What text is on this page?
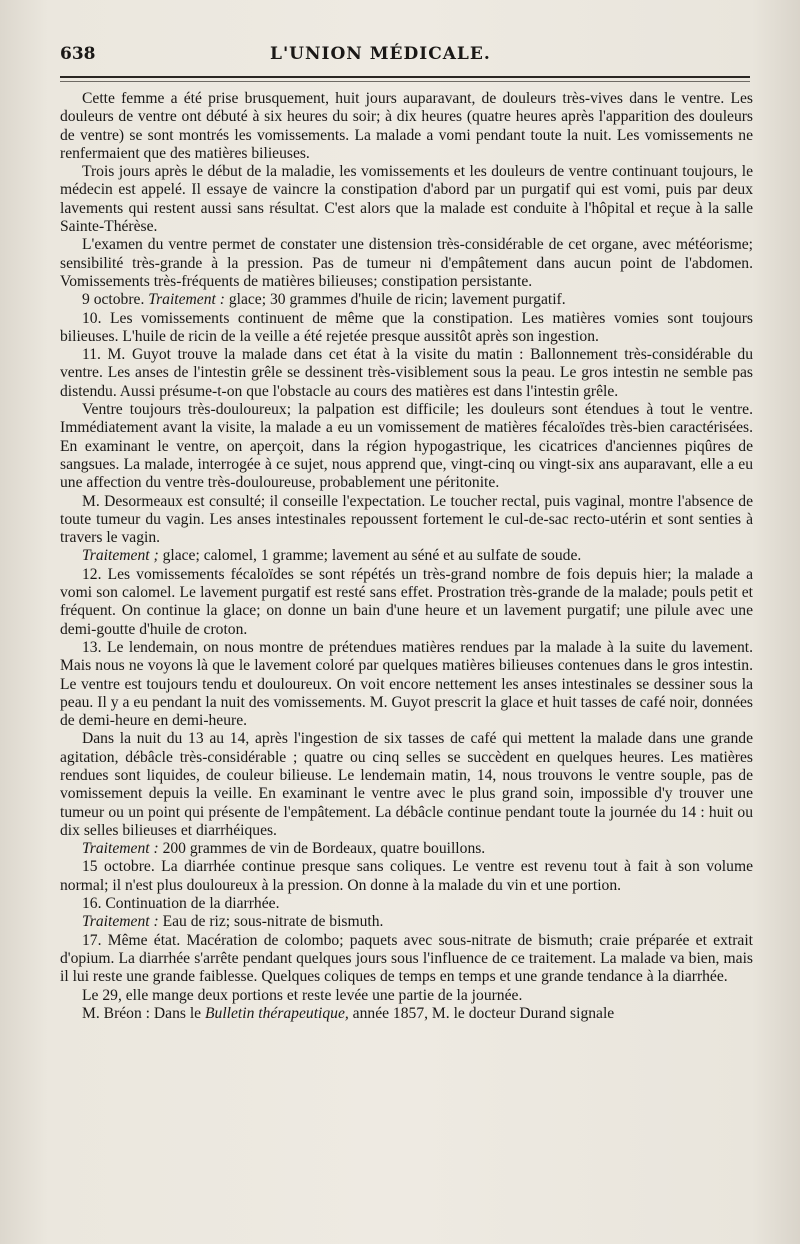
638	L'UNION MÉDICALE.

Cette femme a été prise brusquement, huit jours auparavant, de douleurs très-vives dans le ventre. Les douleurs de ventre ont débuté à six heures du soir; à dix heures (quatre heures après l'apparition des douleurs de ventre) se sont montrés les vomissements. La malade a vomi pendant toute la nuit. Les vomissements ne renfermaient que des matières bilieuses.

Trois jours après le début de la maladie, les vomissements et les douleurs de ventre continuant toujours, le médecin est appelé. Il essaye de vaincre la constipation d'abord par un purgatif qui est vomi, puis par deux lavements qui restent aussi sans résultat. C'est alors que la malade est conduite à l'hôpital et reçue à la salle Sainte-Thérèse.

L'examen du ventre permet de constater une distension très-considérable de cet organe, avec météorisme; sensibilité très-grande à la pression. Pas de tumeur ni d'empâtement dans aucun point de l'abdomen. Vomissements très-fréquents de matières bilieuses; constipation persistante.

9 octobre. Traitement : glace; 30 grammes d'huile de ricin; lavement purgatif.

10. Les vomissements continuent de même que la constipation. Les matières vomies sont toujours bilieuses. L'huile de ricin de la veille a été rejetée presque aussitôt après son ingestion.

11. M. Guyot trouve la malade dans cet état à la visite du matin : Ballonnement très-considérable du ventre. Les anses de l'intestin grêle se dessinent très-visiblement sous la peau. Le gros intestin ne semble pas distendu. Aussi présume-t-on que l'obstacle au cours des matières est dans l'intestin grêle.

Ventre toujours très-douloureux; la palpation est difficile; les douleurs sont étendues à tout le ventre. Immédiatement avant la visite, la malade a eu un vomissement de matières fécaloïdes très-bien caractérisées. En examinant le ventre, on aperçoit, dans la région hypogastrique, les cicatrices d'anciennes piqûres de sangsues. La malade, interrogée à ce sujet, nous apprend que, vingt-cinq ou vingt-six ans auparavant, elle a eu une affection du ventre très-douloureuse, probablement une péritonite.

M. Desormeaux est consulté; il conseille l'expectation. Le toucher rectal, puis vaginal, montre l'absence de toute tumeur du vagin. Les anses intestinales repoussent fortement le cul-de-sac recto-utérin et sont senties à travers le vagin.

Traitement ; glace; calomel, 1 gramme; lavement au séné et au sulfate de soude.

12. Les vomissements fécaloïdes se sont répétés un très-grand nombre de fois depuis hier; la malade a vomi son calomel. Le lavement purgatif est resté sans effet. Prostration très-grande de la malade; pouls petit et fréquent. On continue la glace; on donne un bain d'une heure et un lavement purgatif; une pilule avec une demi-goutte d'huile de croton.

13. Le lendemain, on nous montre de prétendues matières rendues par la malade à la suite du lavement. Mais nous ne voyons là que le lavement coloré par quelques matières bilieuses contenues dans le gros intestin. Le ventre est toujours tendu et douloureux. On voit encore nettement les anses intestinales se dessiner sous la peau. Il y a eu pendant la nuit des vomissements. M. Guyot prescrit la glace et huit tasses de café noir, données de demi-heure en demi-heure.

Dans la nuit du 13 au 14, après l'ingestion de six tasses de café qui mettent la malade dans une grande agitation, débâcle très-considérable ; quatre ou cinq selles se succèdent en quelques heures. Les matières rendues sont liquides, de couleur bilieuse. Le lendemain matin, 14, nous trouvons le ventre souple, pas de vomissement depuis la veille. En examinant le ventre avec le plus grand soin, impossible d'y trouver une tumeur ou un point qui présente de l'empâtement. La débâcle continue pendant toute la journée du 14 : huit ou dix selles bilieuses et diarrhéiques.

Traitement : 200 grammes de vin de Bordeaux, quatre bouillons.

15 octobre. La diarrhée continue presque sans coliques. Le ventre est revenu tout à fait à son volume normal; il n'est plus douloureux à la pression. On donne à la malade du vin et une portion.

16. Continuation de la diarrhée.

Traitement : Eau de riz; sous-nitrate de bismuth.

17. Même état. Macération de colombo; paquets avec sous-nitrate de bismuth; craie préparée et extrait d'opium. La diarrhée s'arrête pendant quelques jours sous l'influence de ce traitement. La malade va bien, mais il lui reste une grande faiblesse. Quelques coliques de temps en temps et une grande tendance à la diarrhée.

Le 29, elle mange deux portions et reste levée une partie de la journée.

M. Bréon : Dans le Bulletin thérapeutique, année 1857, M. le docteur Durand signale
